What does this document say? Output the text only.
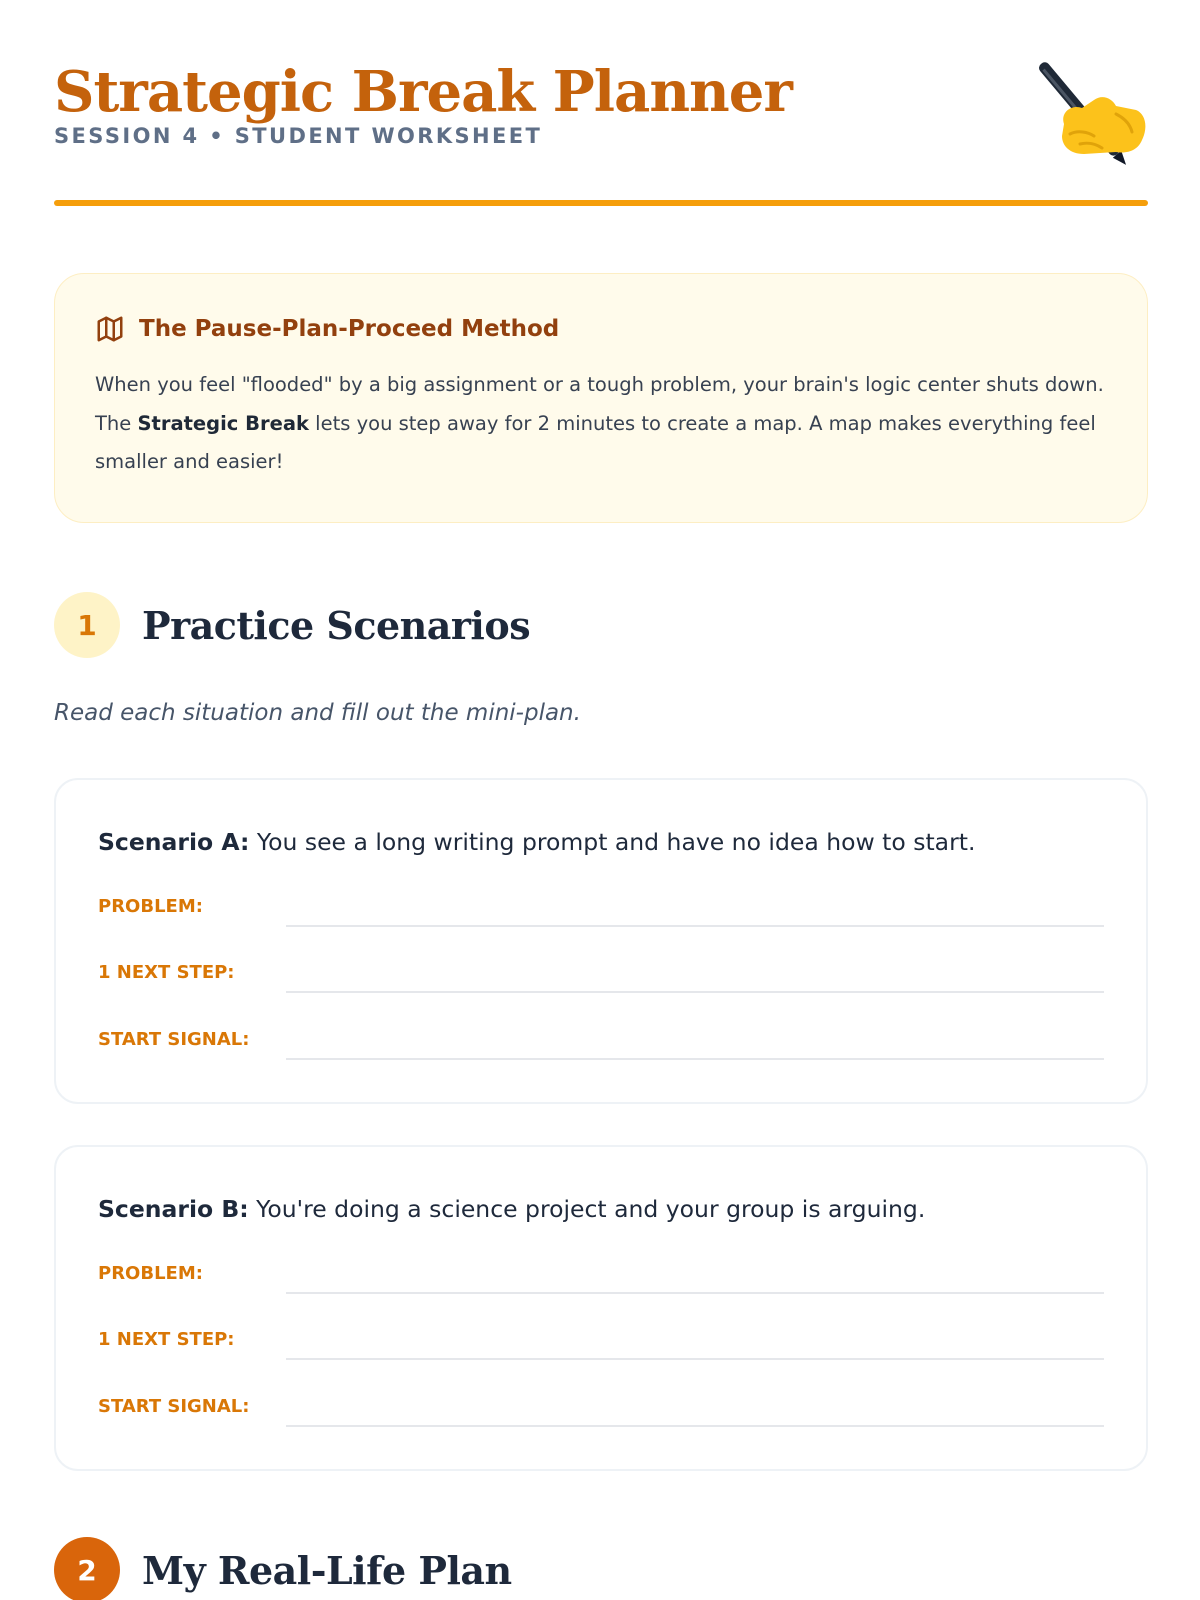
Strategic Break Planner
SESSION 4 • STUDENT WORKSHEET
The Pause-Plan-Proceed Method

When you feel "flooded" by a big assignment or a tough problem, your brain's logic center shuts down. The Strategic Break lets you step away for 2 minutes to create a map. A map makes everything feel smaller and easier!

1	Practice Scenarios
Read each situation and fill out the mini-plan.
Scenario A: You see a long writing prompt and have no idea how to start.
PROBLEM:
1 NEXT STEP:
START SIGNAL:
Scenario B: You're doing a science project and your group is arguing.
PROBLEM:
1 NEXT STEP:
START SIGNAL:
2	My Real-Life Plan
